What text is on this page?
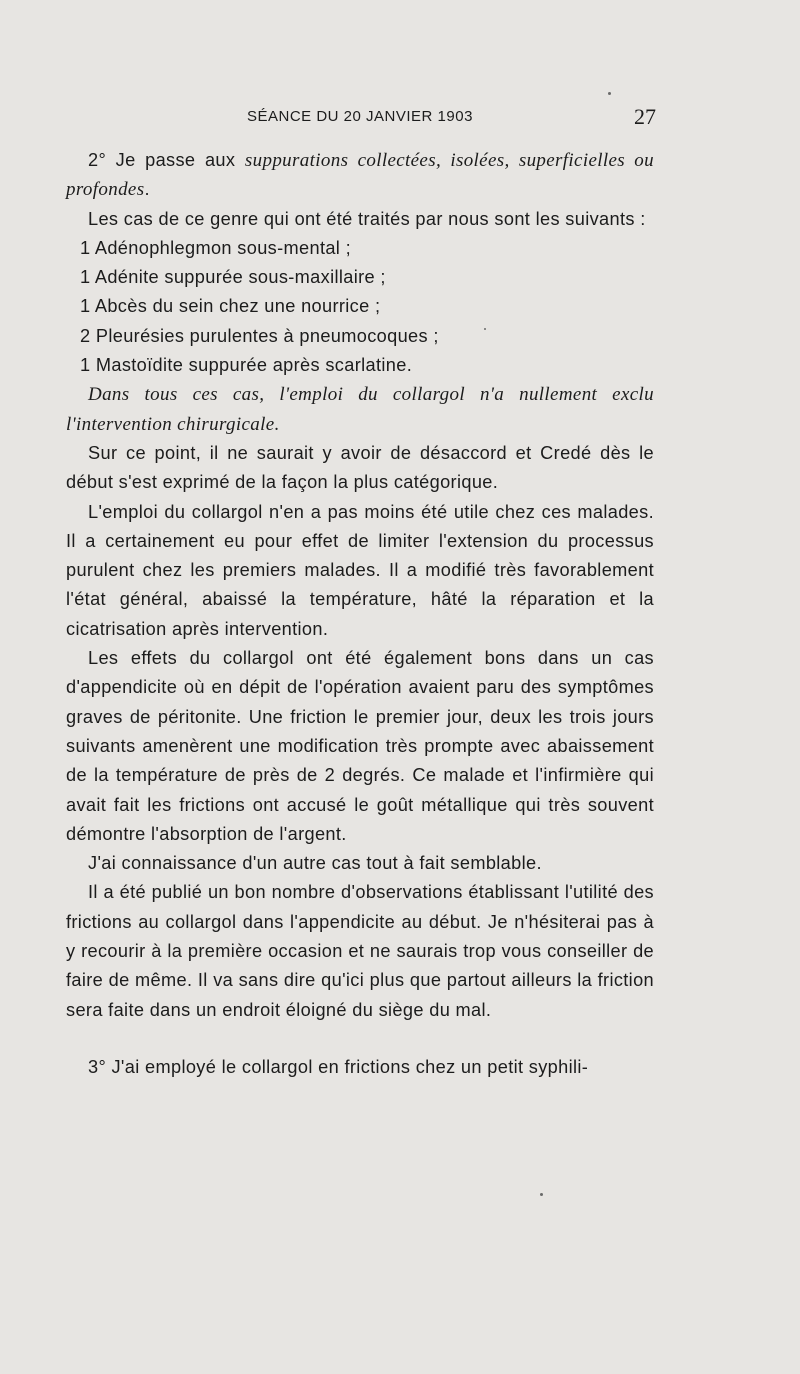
SÉANCE DU 20 JANVIER 1903	27

2° Je passe aux suppurations collectées, isolées, superficielles ou profondes.

Les cas de ce genre qui ont été traités par nous sont les suivants :

1 Adénophlegmon sous-mental ;
1 Adénite suppurée sous-maxillaire ;
1 Abcès du sein chez une nourrice ;
2 Pleurésies purulentes à pneumocoques ;
1 Mastoïdite suppurée après scarlatine.

Dans tous ces cas, l'emploi du collargol n'a nullement exclu l'intervention chirurgicale.

Sur ce point, il ne saurait y avoir de désaccord et Credé dès le début s'est exprimé de la façon la plus catégorique.

L'emploi du collargol n'en a pas moins été utile chez ces malades. Il a certainement eu pour effet de limiter l'extension du processus purulent chez les premiers malades. Il a modifié très favorablement l'état général, abaissé la température, hâté la réparation et la cicatrisation après intervention.

Les effets du collargol ont été également bons dans un cas d'appendicite où en dépit de l'opération avaient paru des symptômes graves de péritonite. Une friction le premier jour, deux les trois jours suivants amenèrent une modification très prompte avec abaissement de la température de près de 2 degrés. Ce malade et l'infirmière qui avait fait les frictions ont accusé le goût métallique qui très souvent démontre l'absorption de l'argent.

J'ai connaissance d'un autre cas tout à fait semblable.

Il a été publié un bon nombre d'observations établissant l'utilité des frictions au collargol dans l'appendicite au début. Je n'hésiterai pas à y recourir à la première occasion et ne saurais trop vous conseiller de faire de même. Il va sans dire qu'ici plus que partout ailleurs la friction sera faite dans un endroit éloigné du siège du mal.

3° J'ai employé le collargol en frictions chez un petit syphili-
